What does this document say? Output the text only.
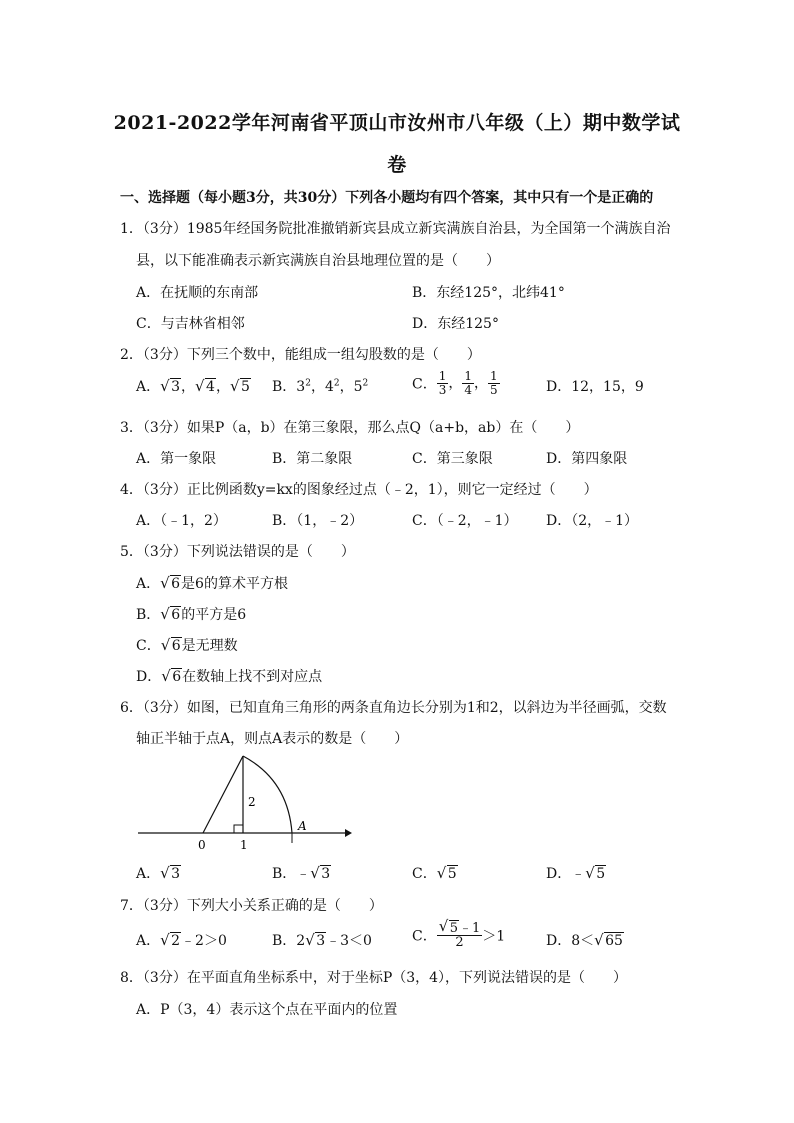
2021-2022学年河南省平顶山市汝州市八年级（上）期中数学试
卷
一、选择题（每小题3分，共30分）下列各小题均有四个答案，其中只有一个是正确的
1．（3分）1985年经国务院批准撤销新宾县成立新宾满族自治县，为全国第一个满族自治
县，以下能准确表示新宾满族自治县地理位置的是（　　）
A．在抚顺的东南部	B．东经125°，北纬41°
C．与吉林省相邻	D．东经125°
2．（3分）下列三个数中，能组成一组勾股数的是（　　）
A． √ 3， √ 4， √ 5 B．$3^2$，$4^2$，$5^2$	C． $\frac{1}{3}$ ， $\frac{1}{4}$ ， $\frac{1}{5}$	D．12，15，9
3．（3分）如果P（a，b）在第三象限，那么点Q（a+b，ab）在（　　）
A．第一象限	B．第二象限	C．第三象限	D．第四象限
4．（3分）正比例函数y=kx的图象经过点（﹣2，1），则它一定经过（　　）
A．（﹣1，2）	B．（1，﹣2）	C．（﹣2，﹣1） D．（2，﹣1）
5．（3分）下列说法错误的是（　　）
A． √ 6是6的算术平方根
B． √ 6的平方是6
C． √ 6是无理数
D． √ 6在数轴上找不到对应点
6．（3分）如图，已知直角三角形的两条直角边长分别为1和2，以斜边为半径画弧，交数
轴正半轴于点A，则点A表示的数是（　　）
2
0	1
A
A． √ 3	B．﹣ √ 3	C． √ 5	D．﹣ √ 5
7．（3分）下列大小关系正确的是（　　）
A． √ 2﹣2＞0	B．2 √ 3﹣3＜0	C． √ $\frac{5﹣1}{2} >1$	D．8＜ √ 65
8．（3分）在平面直角坐标系中，对于坐标P（3，4），下列说法错误的是（　　）
A．P（3，4）表示这个点在平面内的位置
